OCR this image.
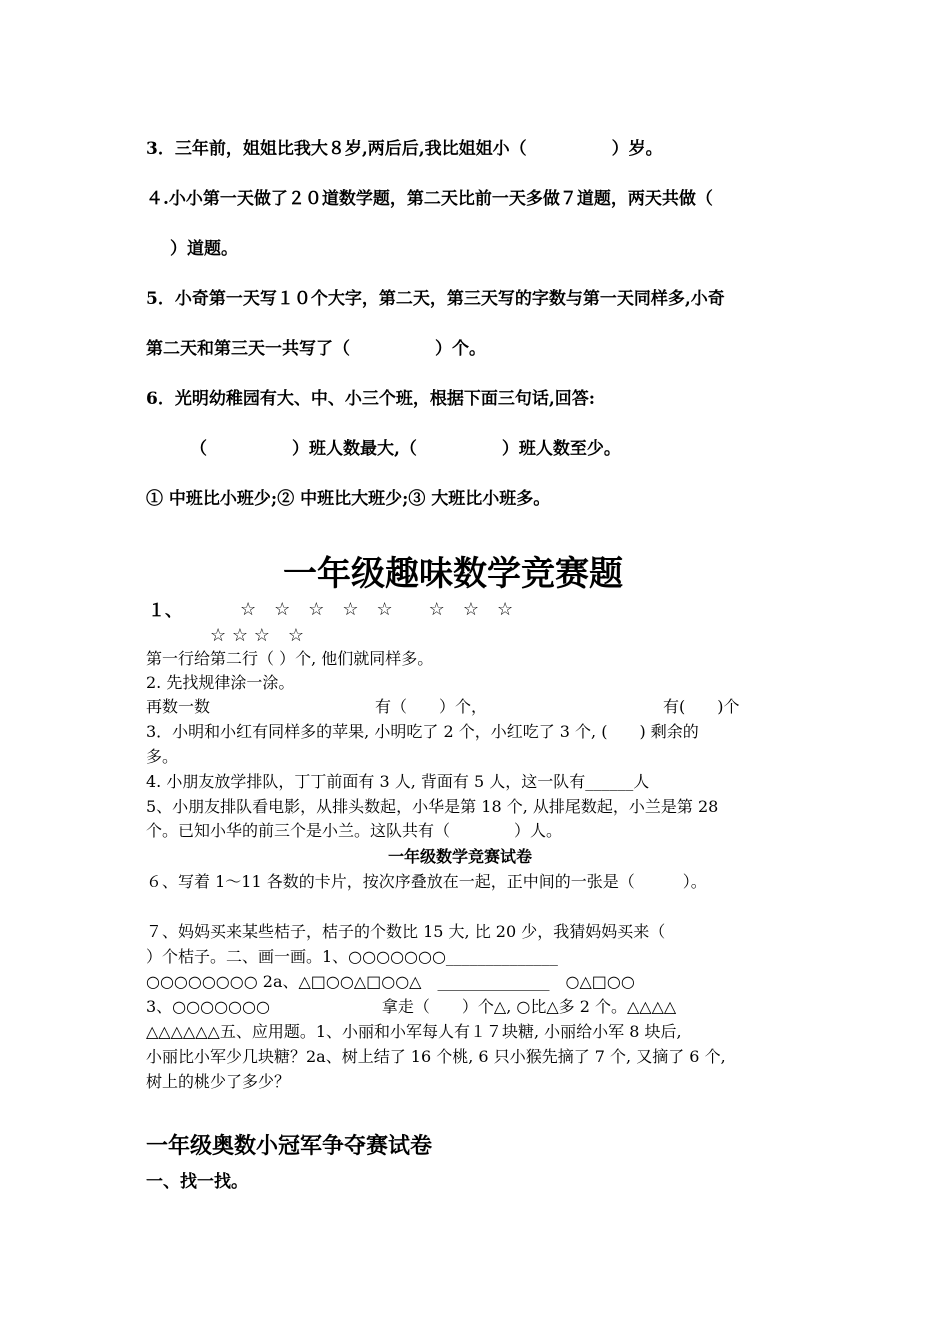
3．三年前，姐姐比我大８岁,两后后,我比姐姐小（　　　　　）岁。
４.小小第一天做了２０道数学题，第二天比前一天多做７道题，两天共做（
）道题。
5．小奇第一天写１０个大字，第二天，第三天写的字数与第一天同样多,小奇
第二天和第三天一共写了（　　　　　）个。
6．光明幼稚园有大、中、小三个班，根据下面三句话,回答:
（　　　　　）班人数最大,（　　　　　）班人数至少。
① 中班比小班少;② 中班比大班少;③ 大班比小班多。
一年级趣味数学竞赛题
１、	☆　☆　☆　☆　☆　　☆　☆　☆
☆ ☆ ☆　☆
第一行给第二行（ ）个, 他们就同样多。
2. 先找规律涂一涂。
再数一数	有（　　）个，	有(　　)个
3．小明和小红有同样多的苹果, 小明吃了 2 个，小红吃了 3 个, (　　) 剩余的
多。
4. 小朋友放学排队，丁丁前面有 3 人, 背面有 5 人，这一队有______人
5、小朋友排队看电影，从排头数起，小华是第 18 个, 从排尾数起，小兰是第 28
个。已知小华的前三个是小兰。这队共有（　　　　）人。
一年级数学竞赛试卷
６、写着 1～11 各数的卡片，按次序叠放在一起，正中间的一张是（　　　）。
７、妈妈买来某些桔子，桔子的个数比 15 大, 比 20 少，我猜妈妈买来（
）个桔子。二、画一画。1、○○○○○○○______________
○○○○○○○○ 2a、△□○○△□○○△　______________　○△□○○
3、○○○○○○○　　　　　　　拿走（　　）个△, ○比△多 2 个。△△△△
△△△△△△五、应用题。1、小丽和小军每人有１７块糖, 小丽给小军 8 块后,
小丽比小军少几块糖？2a、树上结了 16 个桃, 6 只小猴先摘了 7 个, 又摘了 6 个,
树上的桃少了多少？
一年级奥数小冠军争夺赛试卷
一、找一找。
